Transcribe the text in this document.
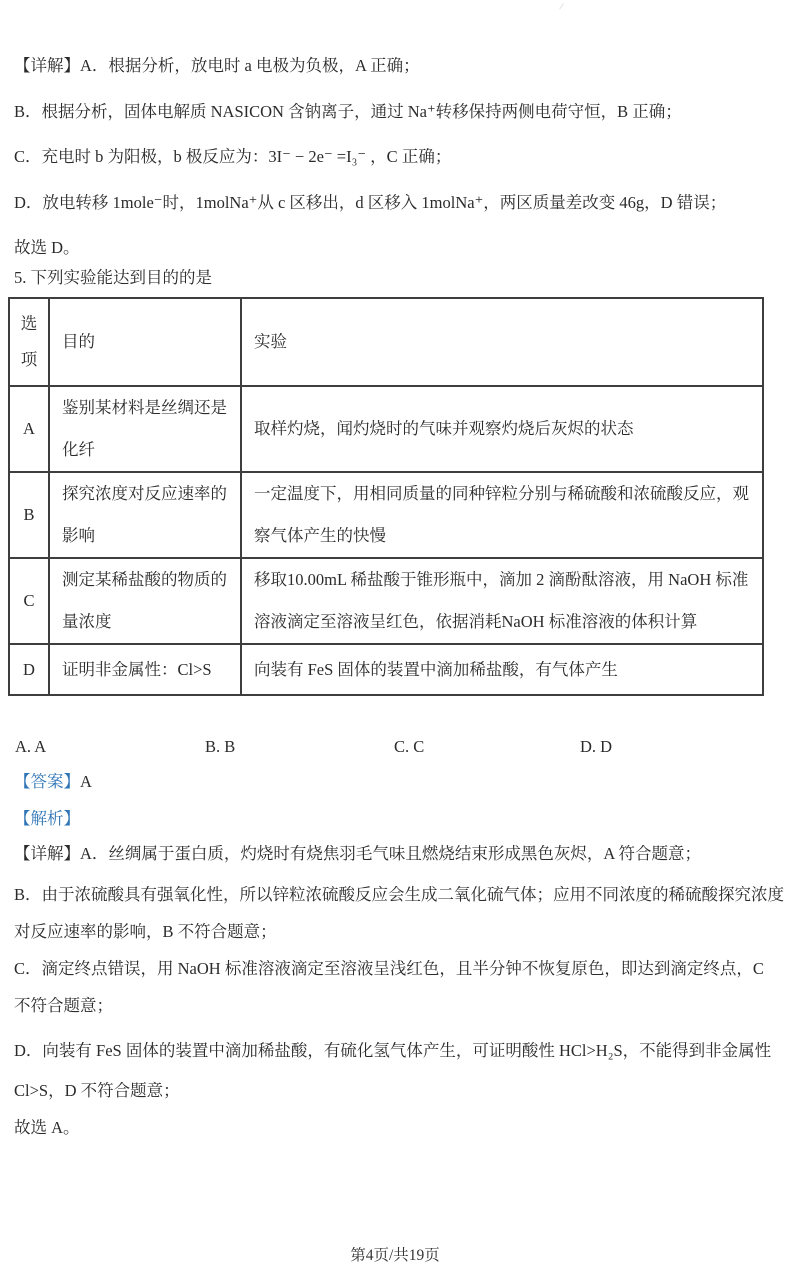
【详解】A．根据分析，放电时 a 电极为负极，A 正确；

B．根据分析，固体电解质 NASICON 含钠离子，通过 Na⁺转移保持两侧电荷守恒，B 正确；

C．充电时 b 为阳极，b 极反应为：3I⁻ − 2e⁻ =I₃⁻ ，C 正确；

D．放电转移 1mole⁻时，1molNa⁺从 c 区移出，d 区移入 1molNa⁺，两区质量差改变 46g，D 错误；

故选 D。

5. 下列实验能达到目的的是

选项	目的	实验
A	鉴别某材料是丝绸还是化纤	取样灼烧，闻灼烧时的气味并观察灼烧后灰烬的状态
B	探究浓度对反应速率的影响	一定温度下，用相同质量的同种锌粒分别与稀硫酸和浓硫酸反应，观察气体产生的快慢
C	测定某稀盐酸的物质的量浓度	移取10.00mL 稀盐酸于锥形瓶中，滴加 2 滴酚酞溶液，用 NaOH 标准溶液滴定至溶液呈红色，依据消耗NaOH 标准溶液的体积计算
D	证明非金属性：Cl>S	向装有 FeS 固体的装置中滴加稀盐酸，有气体产生
A. A	B. B	C. C	D. D

【答案】A

【解析】

【详解】A．丝绸属于蛋白质，灼烧时有烧焦羽毛气味且燃烧结束形成黑色灰烬，A 符合题意；

B．由于浓硫酸具有强氧化性，所以锌粒浓硫酸反应会生成二氧化硫气体；应用不同浓度的稀硫酸探究浓度

对反应速率的影响，B 不符合题意；

C．滴定终点错误，用 NaOH 标准溶液滴定至溶液呈浅红色，且半分钟不恢复原色，即达到滴定终点，C

不符合题意；

D．向装有 FeS 固体的装置中滴加稀盐酸，有硫化氢气体产生，可证明酸性 HCl>H₂S，不能得到非金属性

Cl>S，D 不符合题意；

故选 A。

第4页/共19页
